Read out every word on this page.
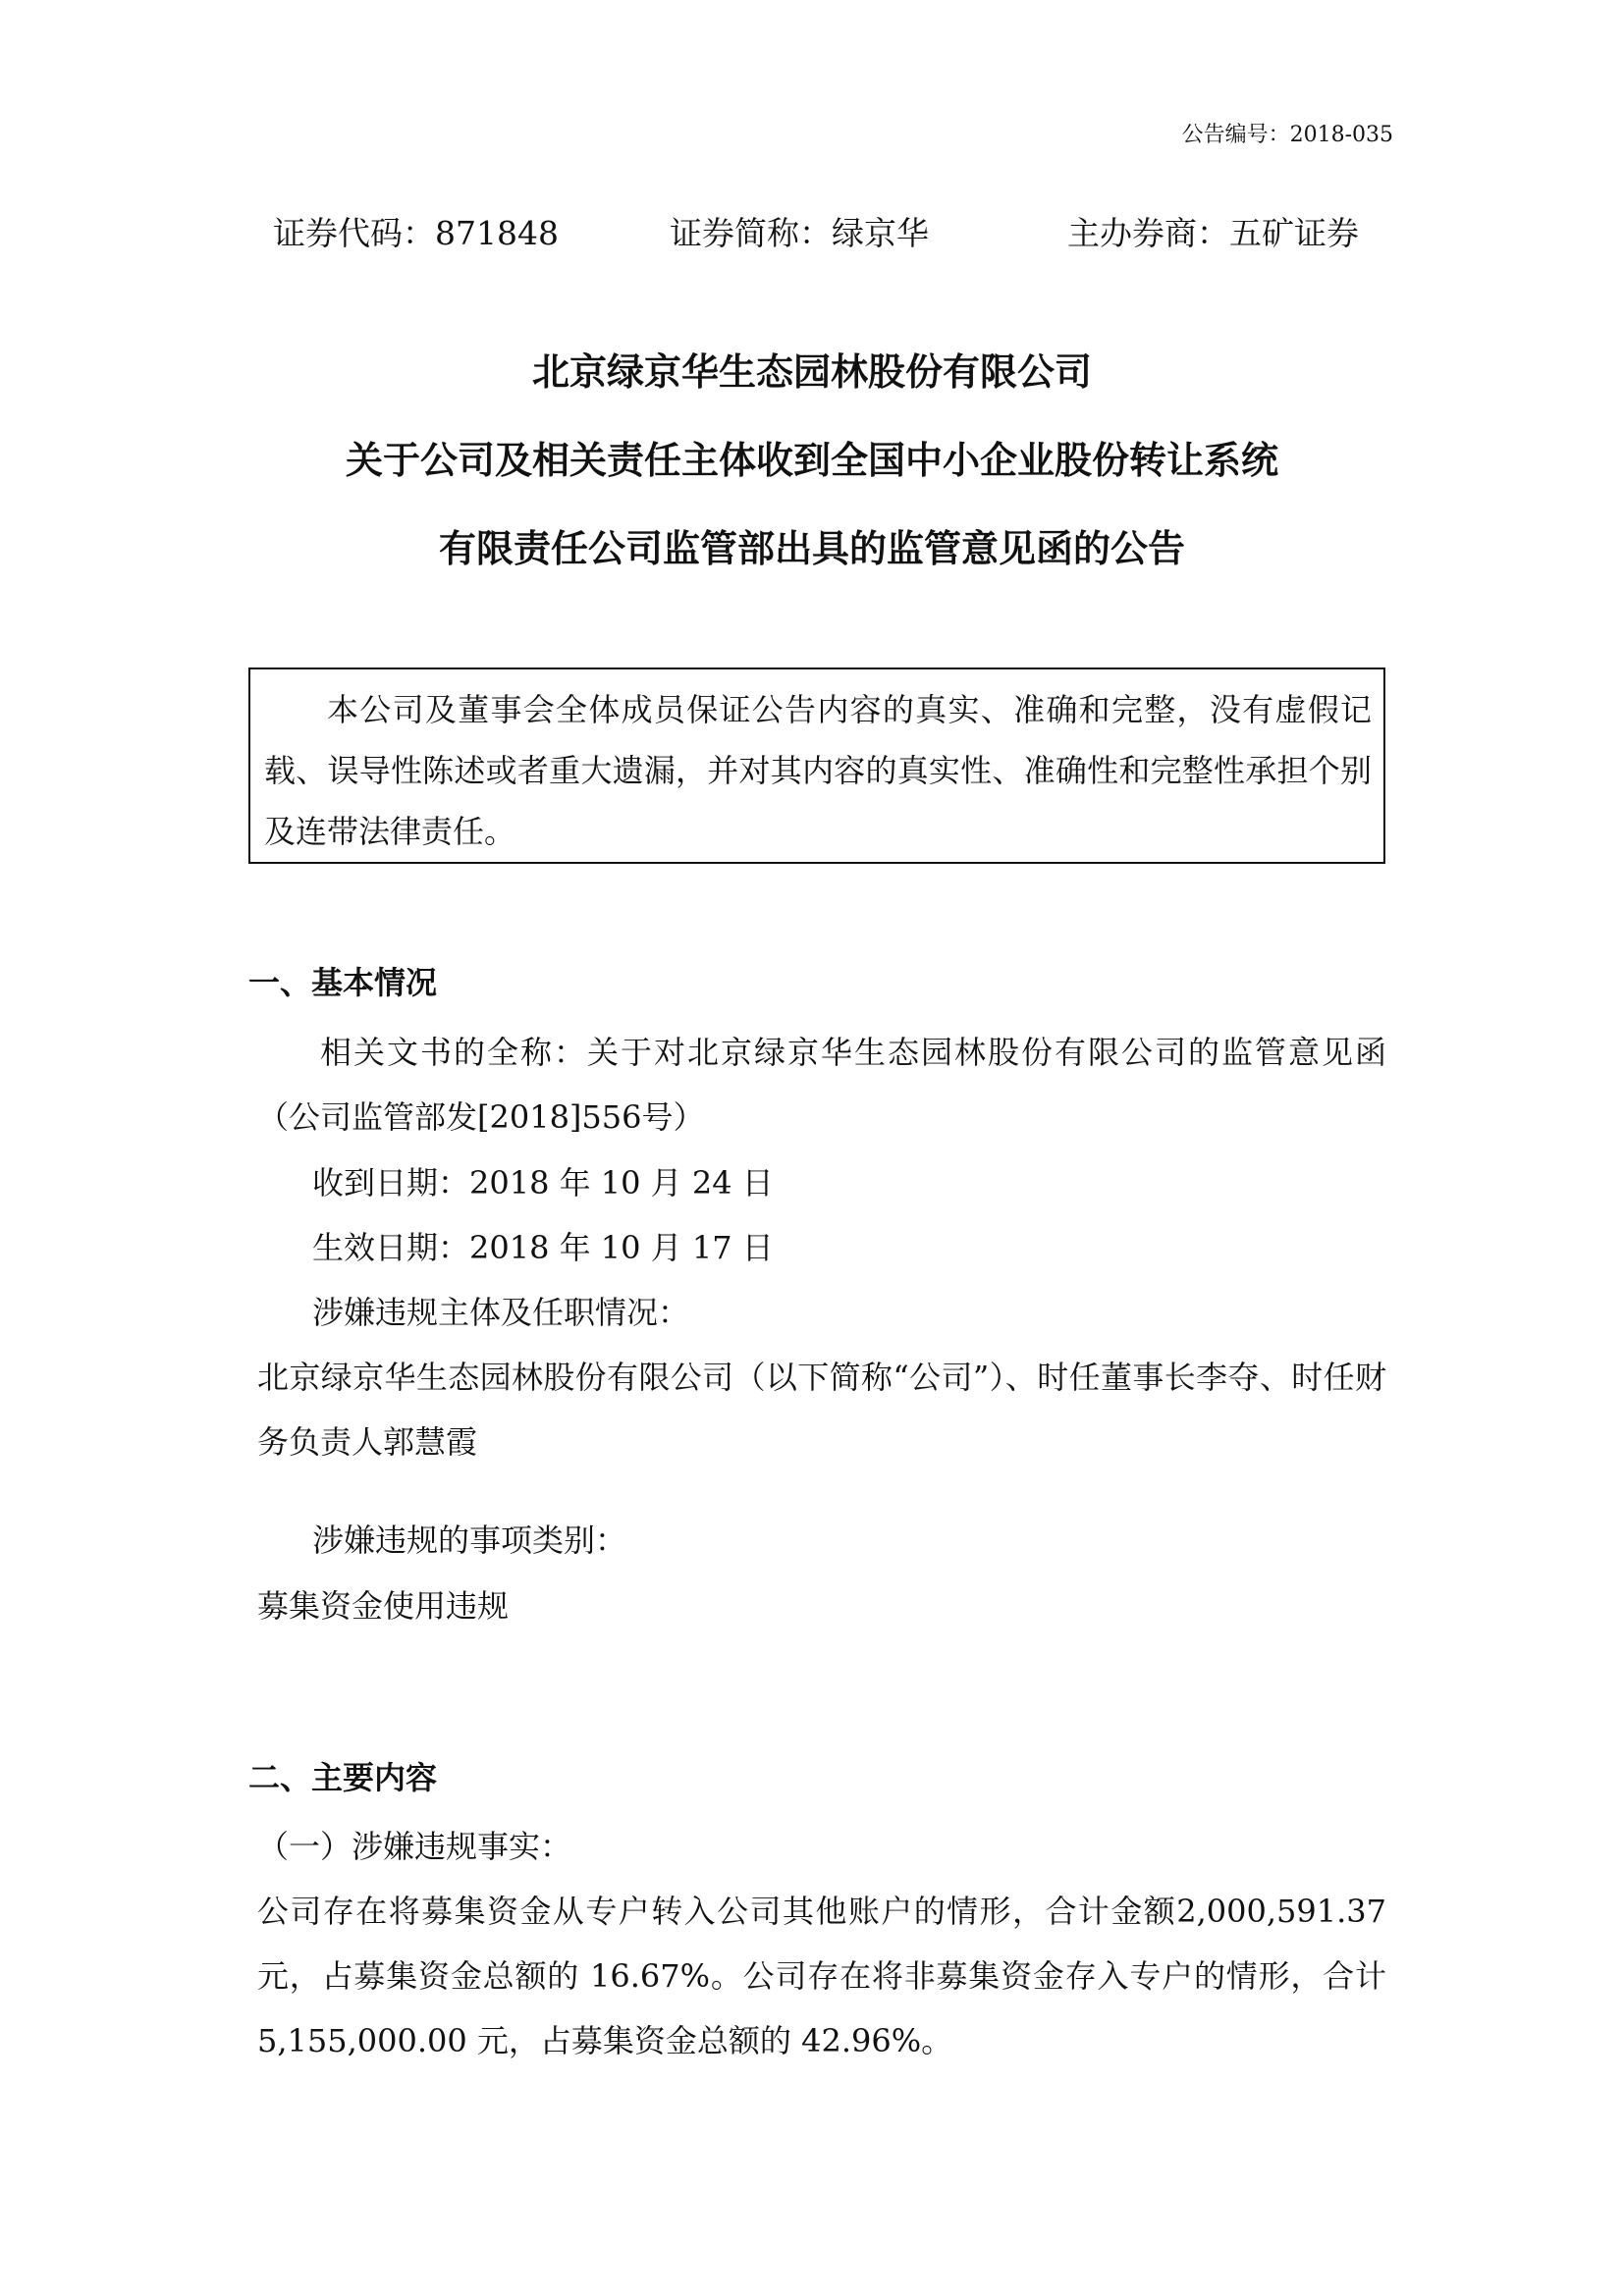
公告编号：2018-035
证券代码：871848	证券简称：绿京华	主办券商：五矿证券
北京绿京华生态园林股份有限公司
关于公司及相关责任主体收到全国中小企业股份转让系统
有限责任公司监管部出具的监管意见函的公告
本公司及董事会全体成员保证公告内容的真实、准确和完整，没有虚假记载、误导性陈述或者重大遗漏，并对其内容的真实性、准确性和完整性承担个别及连带法律责任。
一、基本情况
相关文书的全称：关于对北京绿京华生态园林股份有限公司的监管意见函（公司监管部发[2018]556号）
收到日期：2018 年 10 月 24 日
生效日期：2018 年 10 月 17 日
涉嫌违规主体及任职情况：
北京绿京华生态园林股份有限公司（以下简称“公司”）、时任董事长李夺、时任财务负责人郭慧霞
涉嫌违规的事项类别：
募集资金使用违规
二、主要内容
（一）涉嫌违规事实：
公司存在将募集资金从专户转入公司其他账户的情形，合计金额2,000,591.37元，占募集资金总额的 16.67%。公司存在将非募集资金存入专户的情形，合计5,155,000.00 元，占募集资金总额的 42.96%。
